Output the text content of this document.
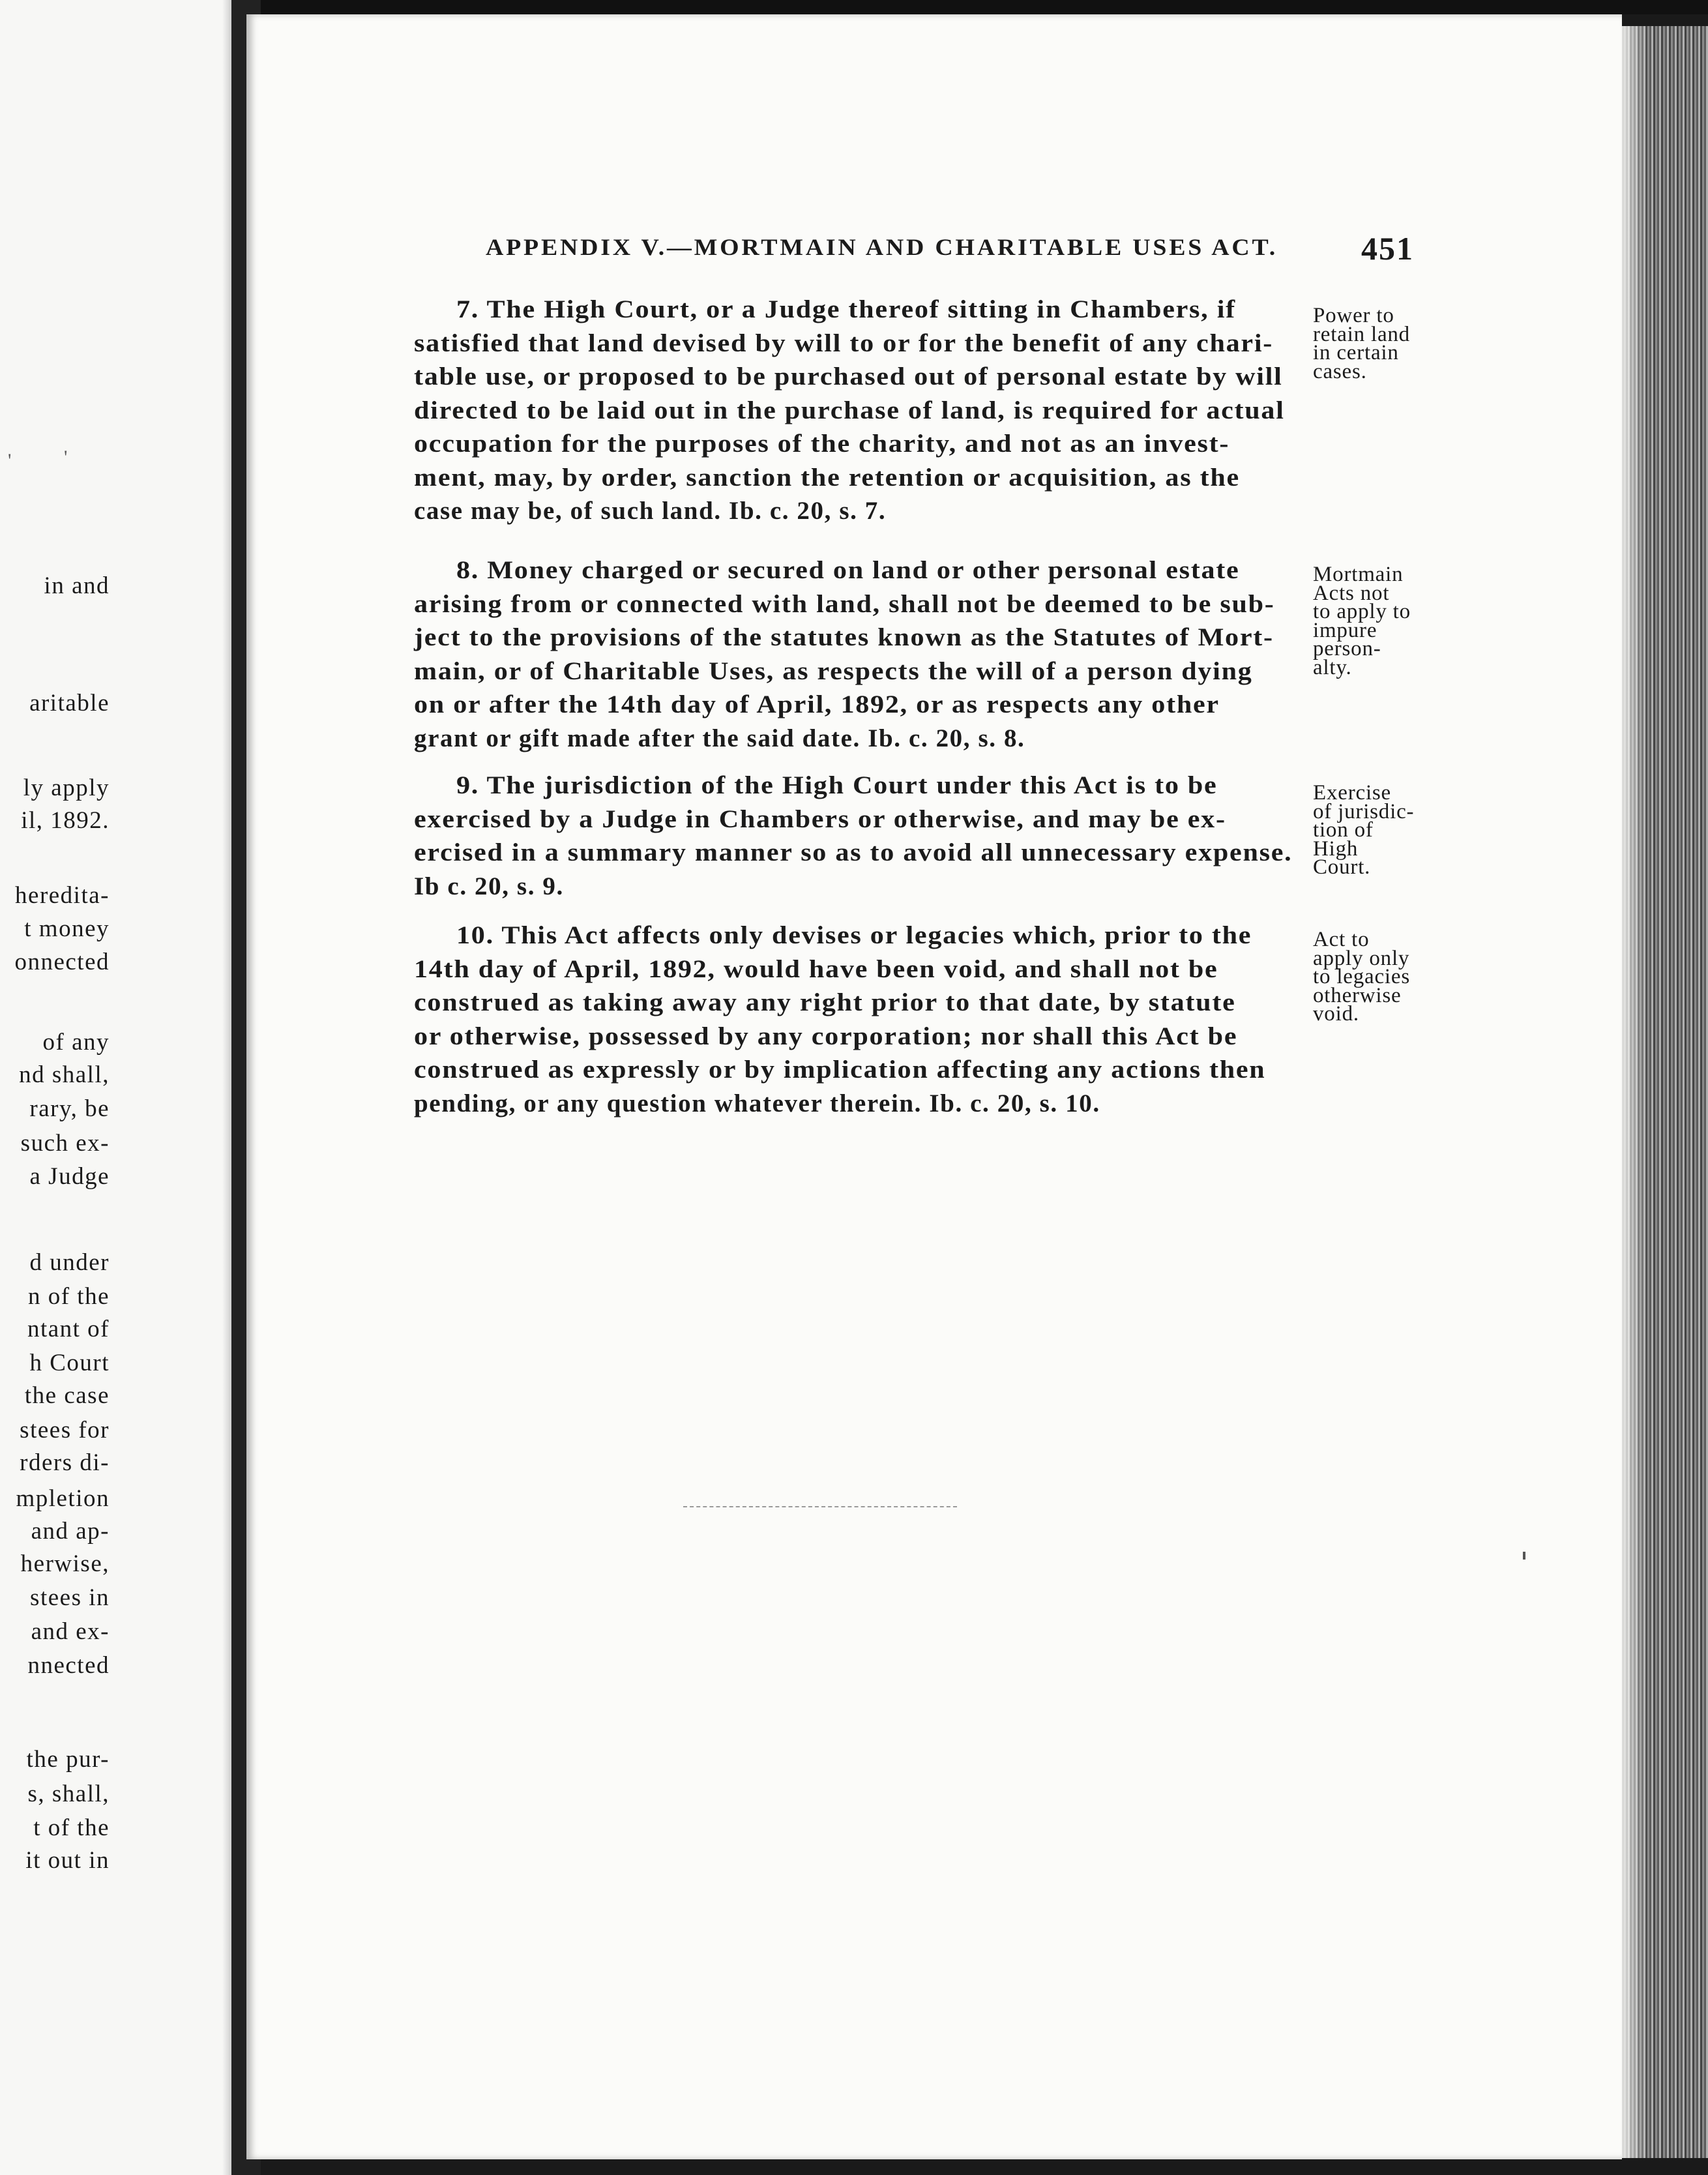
'	'
in and
aritable
ly apply
il, 1892.
heredita-
t money
onnected
of any
nd shall,
rary, be
such ex-
a Judge
d under
n of the
ntant of
h Court
the case
stees for
rders di-
mpletion
and ap-
herwise,
stees in
and ex-
nnected
the pur-
s, shall,
t of the
it out in
APPENDIX V.—MORTMAIN AND CHARITABLE USES ACT.	451
7. The High Court, or a Judge thereof sitting in Chambers, if
satisfied that land devised by will to or for the benefit of any chari-
table use, or proposed to be purchased out of personal estate by will
directed to be laid out in the purchase of land, is required for actual
occupation for the purposes of the charity, and not as an invest-
ment, may, by order, sanction the retention or acquisition, as the
case may be, of such land. Ib. c. 20, s. 7.
Power to
retain land
in certain
cases.
8. Money charged or secured on land or other personal estate
arising from or connected with land, shall not be deemed to be sub-
ject to the provisions of the statutes known as the Statutes of Mort-
main, or of Charitable Uses, as respects the will of a person dying
on or after the 14th day of April, 1892, or as respects any other
grant or gift made after the said date. Ib. c. 20, s. 8.
Mortmain
Acts not
to apply to
impure
person-
alty.
9. The jurisdiction of the High Court under this Act is to be
exercised by a Judge in Chambers or otherwise, and may be ex-
ercised in a summary manner so as to avoid all unnecessary expense.
Ib c. 20, s. 9.
Exercise
of jurisdic-
tion of
High
Court.
10. This Act affects only devises or legacies which, prior to the
14th day of April, 1892, would have been void, and shall not be
construed as taking away any right prior to that date, by statute
or otherwise, possessed by any corporation; nor shall this Act be
construed as expressly or by implication affecting any actions then
pending, or any question whatever therein. Ib. c. 20, s. 10.
Act to
apply only
to legacies
otherwise
void.
